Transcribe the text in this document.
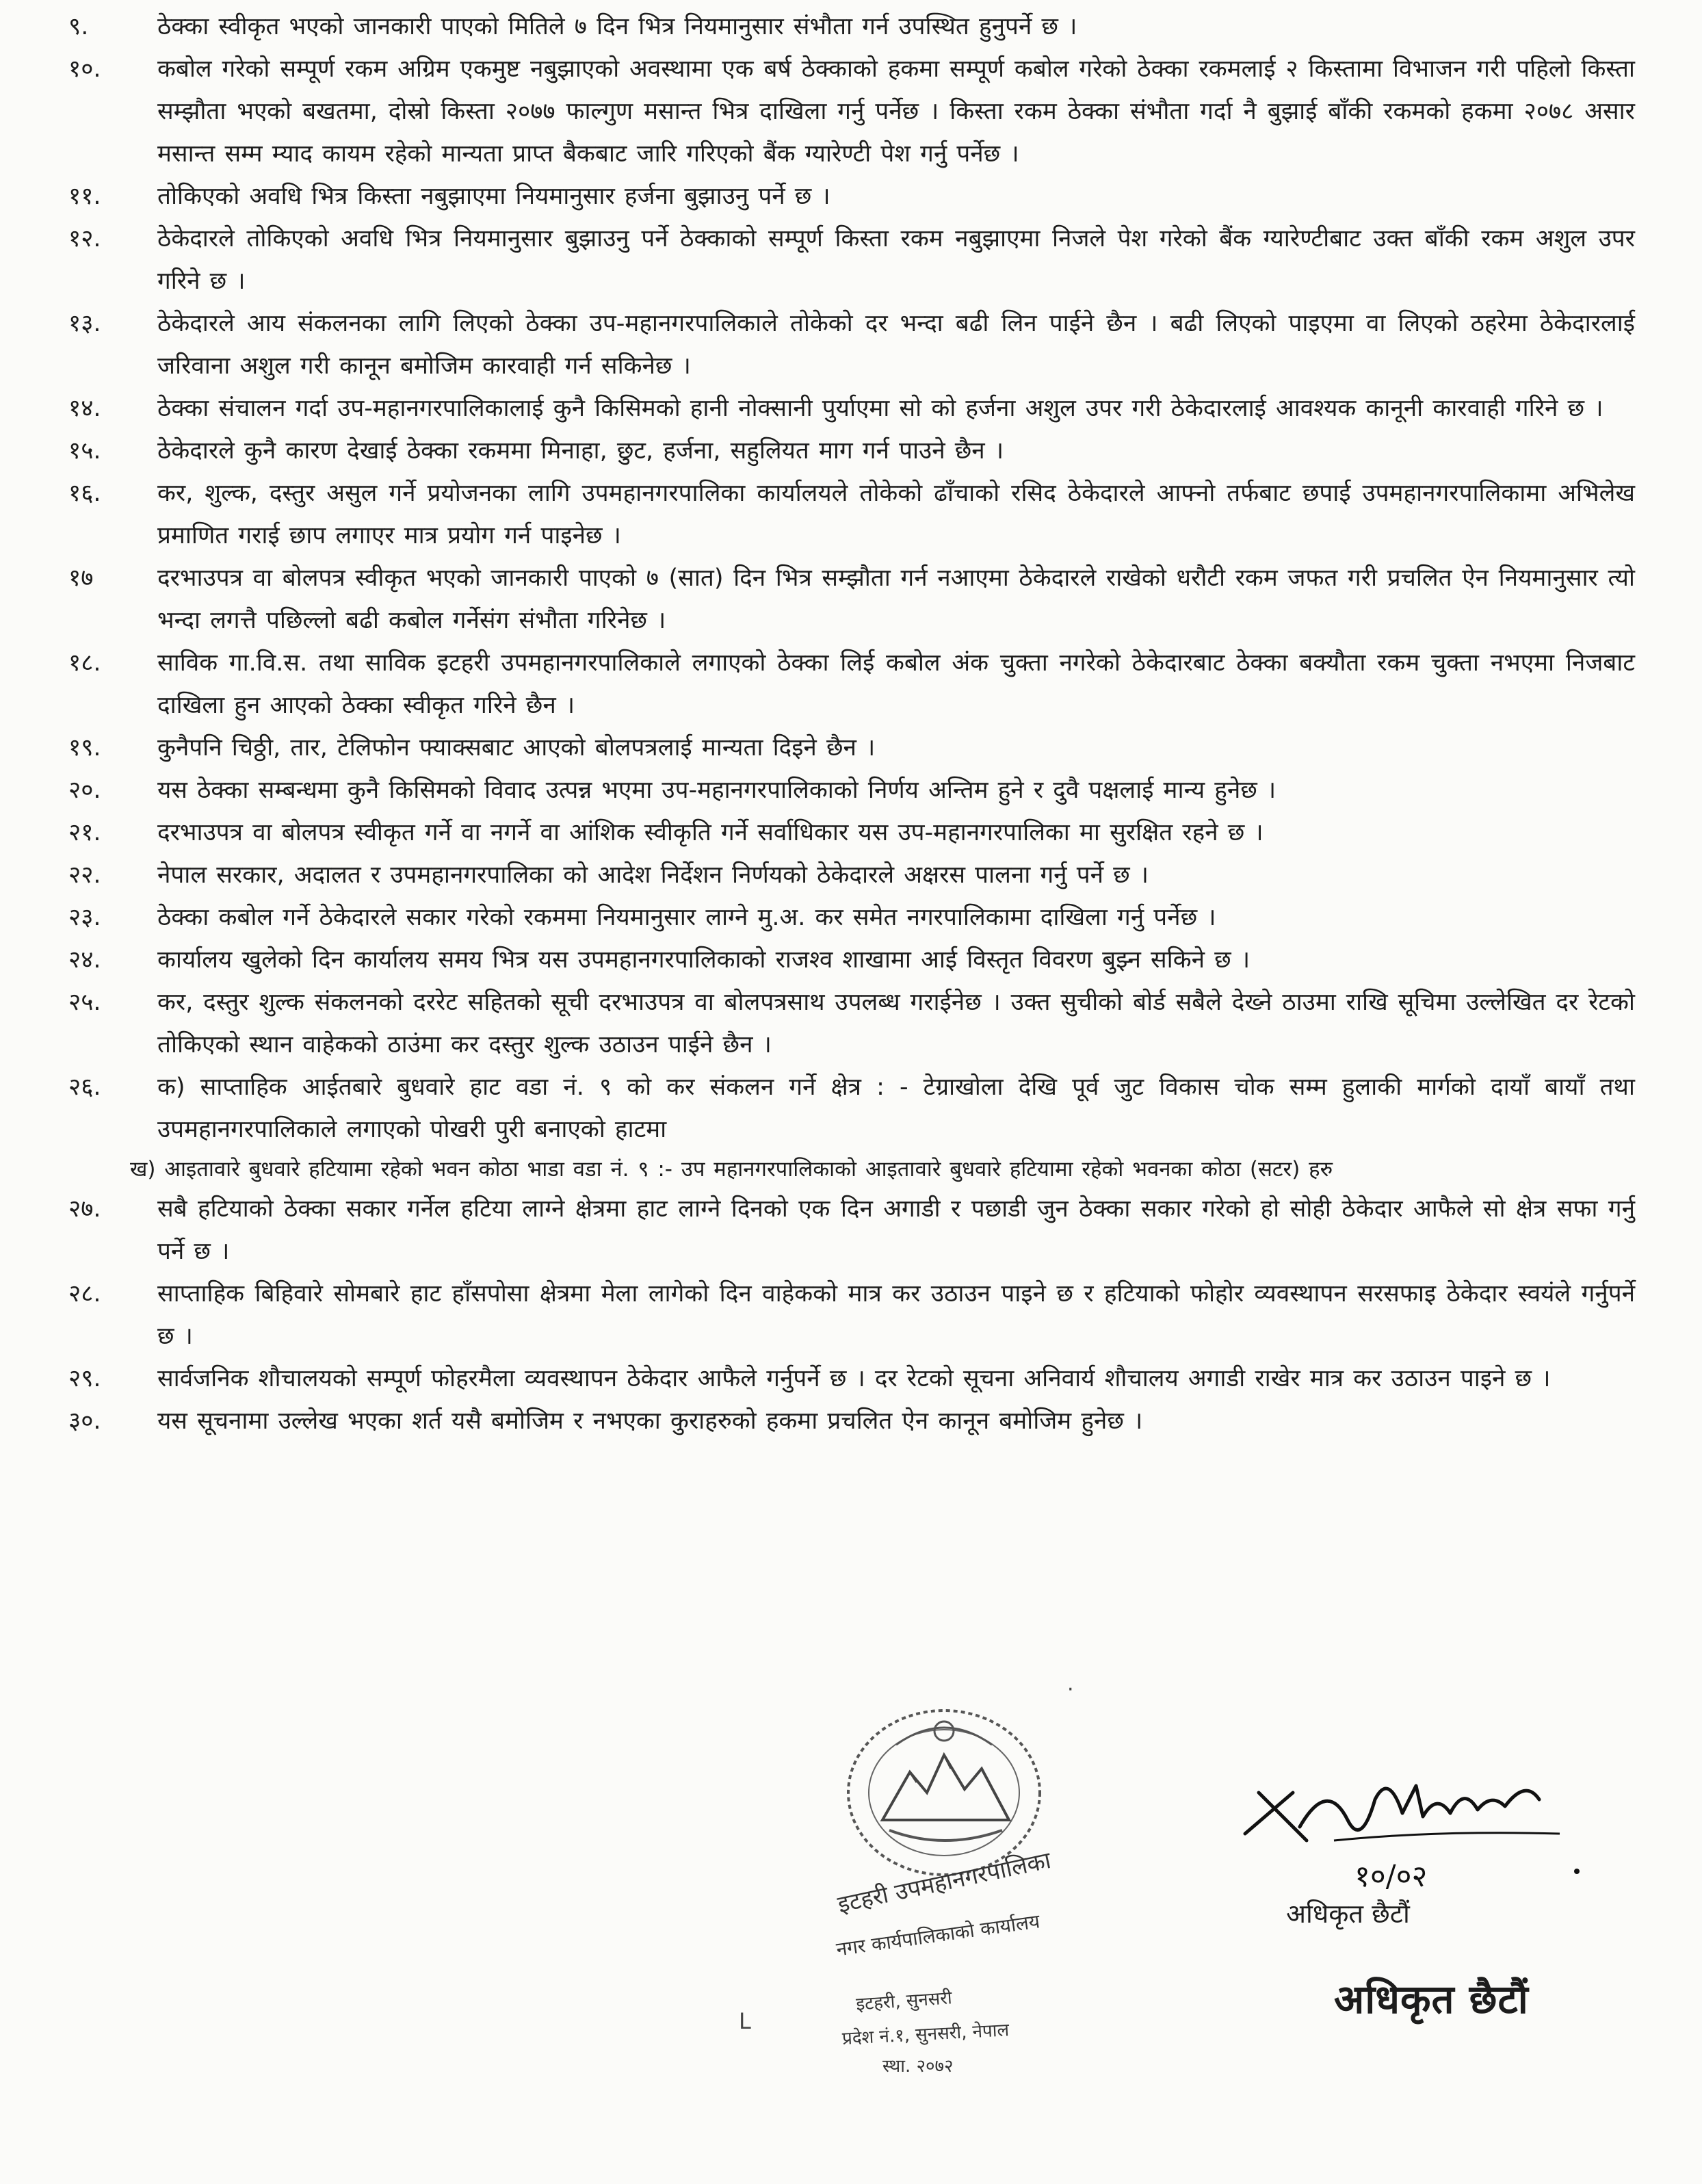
९.	ठेक्का स्वीकृत भएको जानकारी पाएको मितिले ७ दिन भित्र नियमानुसार संभौता गर्न उपस्थित हुनुपर्ने छ ।
१०.	कबोल गरेको सम्पूर्ण रकम अग्रिम एकमुष्ट नबुझाएको अवस्थामा एक बर्ष ठेक्काको हकमा सम्पूर्ण कबोल गरेको ठेक्का रकमलाई २ किस्तामा विभाजन गरी पहिलो किस्ता सम्झौता भएको बखतमा, दोस्रो किस्ता २०७७ फाल्गुण मसान्त भित्र दाखिला गर्नु पर्नेछ । किस्ता रकम ठेक्का संभौता गर्दा नै बुझाई बाँकी रकमको हकमा २०७८ असार मसान्त सम्म म्याद कायम रहेको मान्यता प्राप्त बैकबाट जारि गरिएको बैंक ग्यारेण्टी पेश गर्नु पर्नेछ ।
११.	तोकिएको अवधि भित्र किस्ता नबुझाएमा नियमानुसार हर्जना बुझाउनु पर्ने छ ।
१२.	ठेकेदारले तोकिएको अवधि भित्र नियमानुसार बुझाउनु पर्ने ठेक्काको सम्पूर्ण किस्ता रकम नबुझाएमा निजले पेश गरेको बैंक ग्यारेण्टीबाट उक्त बाँकी रकम अशुल उपर गरिने छ ।
१३.	ठेकेदारले आय संकलनका लागि लिएको ठेक्का उप-महानगरपालिकाले तोकेको दर भन्दा बढी लिन पाईने छैन । बढी लिएको पाइएमा वा लिएको ठहरेमा ठेकेदारलाई जरिवाना अशुल गरी कानून बमोजिम कारवाही गर्न सकिनेछ ।
१४.	ठेक्का संचालन गर्दा उप-महानगरपालिकालाई कुनै किसिमको हानी नोक्सानी पुर्याएमा सो को हर्जना अशुल उपर गरी ठेकेदारलाई आवश्यक कानूनी कारवाही गरिने छ ।
१५.	ठेकेदारले कुनै कारण देखाई ठेक्का रकममा मिनाहा, छुट, हर्जना, सहुलियत माग गर्न पाउने छैन ।
१६.	कर, शुल्क, दस्तुर असुल गर्ने प्रयोजनका लागि उपमहानगरपालिका कार्यालयले तोकेको ढाँचाको रसिद ठेकेदारले आफ्नो तर्फबाट छपाई उपमहानगरपालिकामा अभिलेख प्रमाणित गराई छाप लगाएर मात्र प्रयोग गर्न पाइनेछ ।
१७	दरभाउपत्र वा बोलपत्र स्वीकृत भएको जानकारी पाएको ७ (सात) दिन भित्र सम्झौता गर्न नआएमा ठेकेदारले राखेको धरौटी रकम जफत गरी प्रचलित ऐन नियमानुसार त्यो भन्दा लगत्तै पछिल्लो बढी कबोल गर्नेसंग संभौता गरिनेछ ।
१८.	साविक गा.वि.स. तथा साविक इटहरी उपमहानगरपालिकाले लगाएको ठेक्का लिई कबोल अंक चुक्ता नगरेको ठेकेदारबाट ठेक्का बक्यौता रकम चुक्ता नभएमा निजबाट दाखिला हुन आएको ठेक्का स्वीकृत गरिने छैन ।
१९.	कुनैपनि चिठ्ठी, तार, टेलिफोन फ्याक्सबाट आएको बोलपत्रलाई मान्यता दिइने छैन ।
२०.	यस ठेक्का सम्बन्धमा कुनै किसिमको विवाद उत्पन्न भएमा उप-महानगरपालिकाको निर्णय अन्तिम हुने र दुवै पक्षलाई मान्य हुनेछ ।
२१.	दरभाउपत्र वा बोलपत्र स्वीकृत गर्ने वा नगर्ने वा आंशिक स्वीकृति गर्ने सर्वाधिकार यस उप-महानगरपालिका मा सुरक्षित रहने छ ।
२२.	नेपाल सरकार, अदालत र उपमहानगरपालिका को आदेश निर्देशन निर्णयको ठेकेदारले अक्षरस पालना गर्नु पर्ने छ ।
२३.	ठेक्का कबोल गर्ने ठेकेदारले सकार गरेको रकममा नियमानुसार लाग्ने मु.अ. कर समेत नगरपालिकामा दाखिला गर्नु पर्नेछ ।
२४.	कार्यालय खुलेको दिन कार्यालय समय भित्र यस उपमहानगरपालिकाको राजश्व शाखामा आई विस्तृत विवरण बुझ्न सकिने छ ।
२५.	कर, दस्तुर शुल्क संकलनको दररेट सहितको सूची दरभाउपत्र वा बोलपत्रसाथ उपलब्ध गराईनेछ । उक्त सुचीको बोर्ड सबैले देख्ने ठाउमा राखि सूचिमा उल्लेखित दर रेटको तोकिएको स्थान वाहेकको ठाउंमा कर दस्तुर शुल्क उठाउन पाईने छैन ।
२६.	क) साप्ताहिक आईतबारे बुधवारे हाट वडा नं. ९ को कर संकलन गर्ने क्षेत्र : - टेग्राखोला देखि पूर्व जुट विकास चोक सम्म हुलाकी मार्गको दायाँ बायाँ तथा उपमहानगरपालिकाले लगाएको पोखरी पुरी बनाएको हाटमा
ख) आइतावारे बुधवारे हटियामा रहेको भवन कोठा भाडा वडा नं. ९ :- उप महानगरपालिकाको आइतावारे बुधवारे हटियामा रहेको भवनका कोठा (सटर) हरु
२७.	सबै हटियाको ठेक्का सकार गर्नेल हटिया लाग्ने क्षेत्रमा हाट लाग्ने दिनको एक दिन अगाडी र पछाडी जुन ठेक्का सकार गरेको हो सोही ठेकेदार आफैले सो क्षेत्र सफा गर्नु पर्ने छ ।
२८.	साप्ताहिक बिहिवारे सोमबारे हाट हाँसपोसा क्षेत्रमा मेला लागेको दिन वाहेकको मात्र कर उठाउन पाइने छ र हटियाको फोहोर व्यवस्थापन सरसफाइ ठेकेदार स्वयंले गर्नुपर्ने छ ।
२९.	सार्वजनिक शौचालयको सम्पूर्ण फोहरमैला व्यवस्थापन ठेकेदार आफैले गर्नुपर्ने छ । दर रेटको सूचना अनिवार्य शौचालय अगाडी राखेर मात्र कर उठाउन पाइने छ ।
३०.	यस सूचनामा उल्लेख भएका शर्त यसै बमोजिम र नभएका कुराहरुको हकमा प्रचलित ऐन कानून बमोजिम हुनेछ ।
·
इटहरी उपमहानगरपालिका
नगर कार्यपालिकाको कार्यालय
इटहरी, सुनसरी
प्रदेश नं.१, सुनसरी, नेपाल
स्था. २०७२
L
१०/०२
अधिकृत छैटौं
अधिकृत छैटौं
